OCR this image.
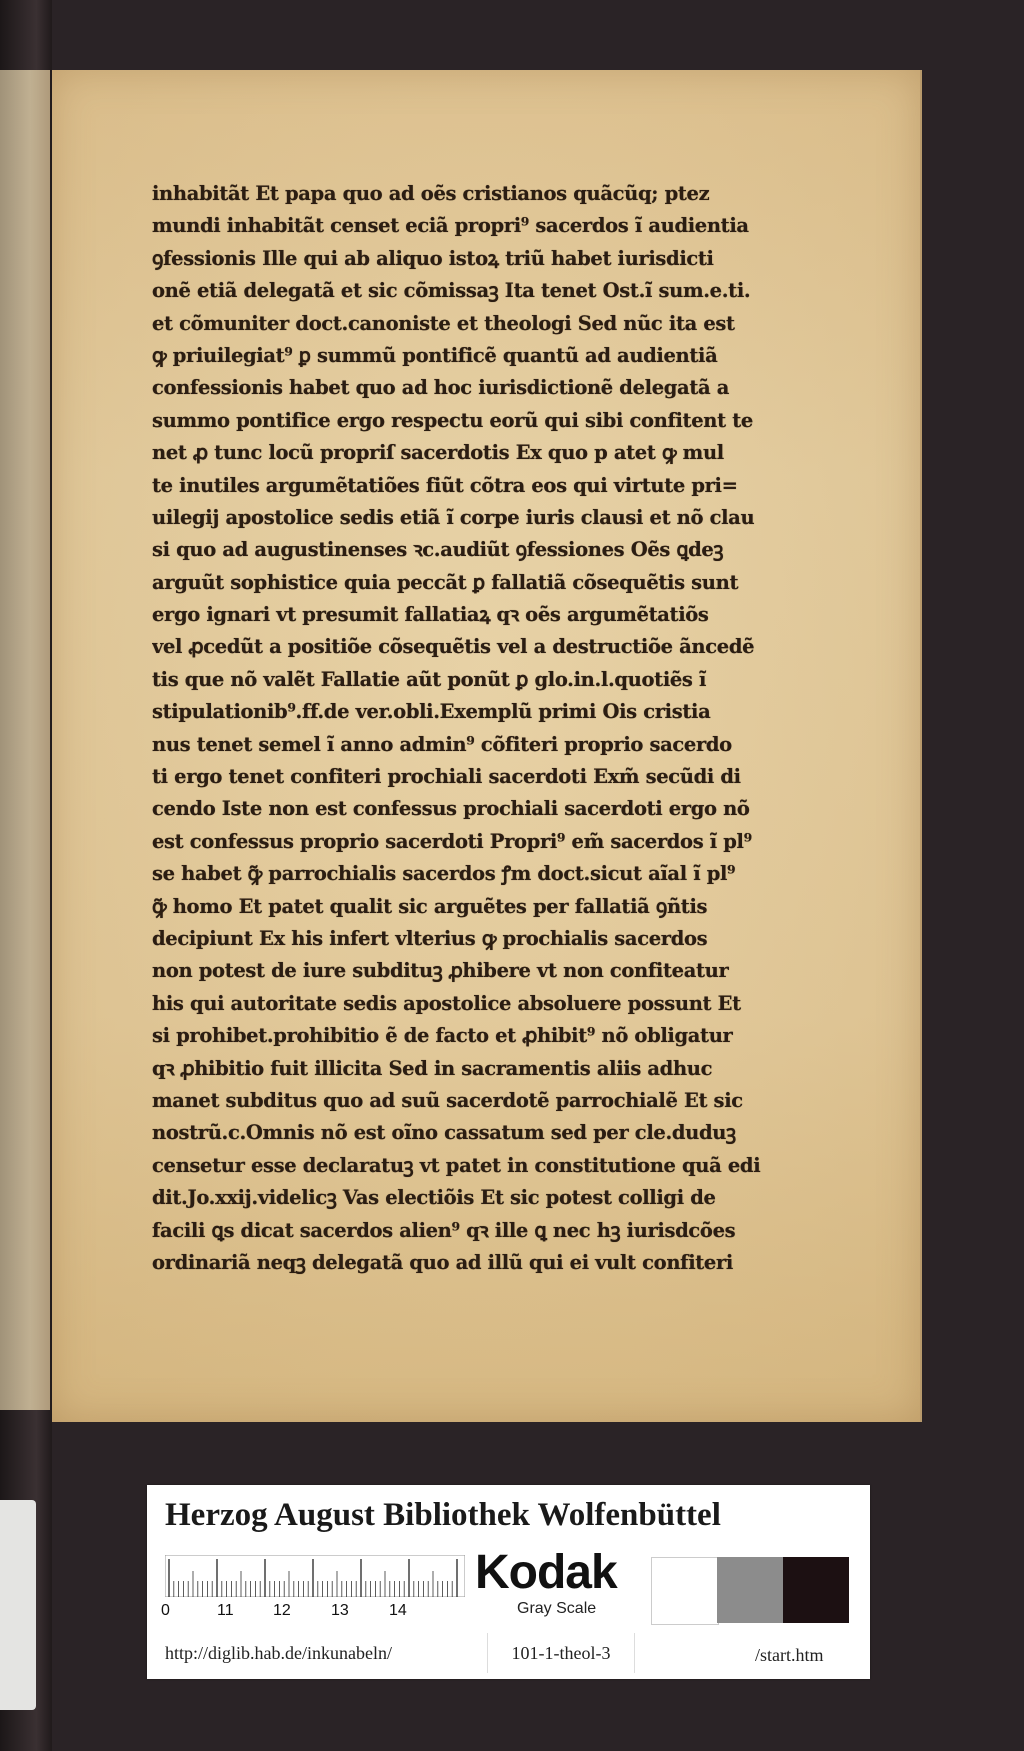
inhabitãt Et papa quo ad oẽs cristianos quãcũq; ptez
mundi inhabitãt censet eciã propri⁹ sacerdos ĩ audientia
ꝯfessionis Ille qui ab aliquo istoꝝ triũ habet iurisdicti
onẽ etiã delegatã et sic cõmissaꝫ Ita tenet Ost.ĩ sum.e.ti.
et cõmuniter doct.canoniste et theologi Sed nũc ita est
ꝙ priuilegiat⁹ ꝑ summũ pontificẽ quantũ ad audientiã
confessionis habet quo ad hoc iurisdictionẽ delegatã a
summo pontifice ergo respectu eorũ qui sibi confitent te
net ꝓ tunc locũ propriſ sacerdotis Ex quo p atet ꝙ mul
te inutiles argumẽtatiões fiũt cõtra eos qui virtute pri=
uilegij apostolice sedis etiã ĩ corpe iuris clausi et nõ clau
si quo ad augustinenses ꝛc.audiũt ꝯfessiones Oẽs ꝗdeꝫ
arguũt sophistice quia peccãt ꝑ fallatiã cõsequẽtis sunt
ergo ignari vt presumit fallatiaꝝ qꝛ oẽs argumẽtatiõs
vel ꝓcedũt a positiõe cõsequẽtis vel a destructiõe ãncedẽ
tis que nõ valẽt Fallatie aũt ponũt ꝑ glo.in.l.quotiẽs ĩ
stipulationib⁹.ff.de ver.obli.Exemplũ primi Ois cristia
nus tenet semel ĩ anno admin⁹ cõfiteri proprio sacerdo
ti ergo tenet confiteri prochiali sacerdoti Exm̃ secũdi di
cendo Iste non est confessus prochiali sacerdoti ergo nõ
est confessus proprio sacerdoti Propri⁹ em̃ sacerdos ĩ pl⁹
se habet ꝙ̃ parrochialis sacerdos ꝭm doct.sicut aĩal ĩ pl⁹
ꝙ̃ homo Et patet qualit sic arguẽtes per fallatiã ꝯñtis
decipiunt Ex his infert vlterius ꝙ prochialis sacerdos
non potest de iure subdituꝫ ꝓhibere vt non confiteatur
his qui autoritate sedis apostolice absoluere possunt Et
si prohibet.prohibitio ẽ de facto et ꝓhibit⁹ nõ obligatur
qꝛ ꝓhibitio fuit illicita Sed in sacramentis aliis adhuc
manet subditus quo ad suũ sacerdotẽ parrochialẽ Et sic
nostrũ.c.Omnis nõ est oĩno cassatum sed per cle.duduꝫ
censetur esse declaratuꝫ vt patet in constitutione quã edi
dit.Jo.xxij.videlicꝫ Vas electiõis Et sic potest colligi de
facili ꝗs dicat sacerdos alien⁹ qꝛ ille ꝗ nec hꝫ iurisdcões
ordinariã neqꝫ delegatã quo ad illũ qui ei vult confiteri
Herzog August Bibliothek Wolfenbüttel
0	11 12	13	14
Kodak
Gray Scale
http://diglib.hab.de/inkunabeln/	101-1-theol-3	/start.htm
